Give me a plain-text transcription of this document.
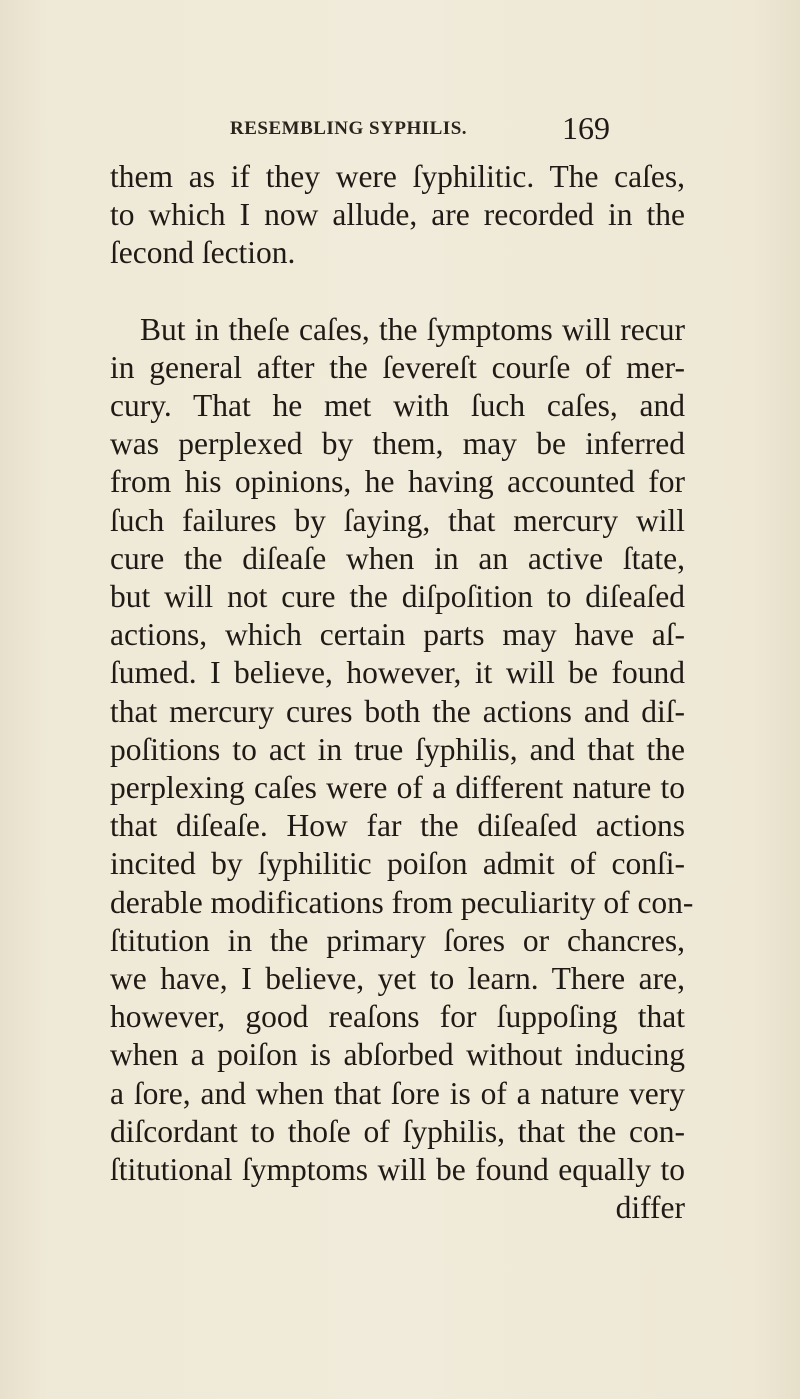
RESEMBLING SYPHILIS.	169
them as if they were ſyphilitic. The caſes,
to which I now allude, are recorded in the
ſecond ſection.
But in theſe caſes, the ſymptoms will recur
in general after the ſevereſt courſe of mer-
cury. That he met with ſuch caſes, and
was perplexed by them, may be inferred
from his opinions, he having accounted for
ſuch failures by ſaying, that mercury will
cure the diſeaſe when in an active ſtate,
but will not cure the diſpoſition to diſeaſed
actions, which certain parts may have aſ-
ſumed. I believe, however, it will be found
that mercury cures both the actions and diſ-
poſitions to act in true ſyphilis, and that the
perplexing caſes were of a different nature to
that diſeaſe. How far the diſeaſed actions
incited by ſyphilitic poiſon admit of conſi-
derable modifications from peculiarity of con-
ſtitution in the primary ſores or chancres,
we have, I believe, yet to learn. There are,
however, good reaſons for ſuppoſing that
when a poiſon is abſorbed without inducing
a ſore, and when that ſore is of a nature very
diſcordant to thoſe of ſyphilis, that the con-
ſtitutional ſymptoms will be found equally to
differ
